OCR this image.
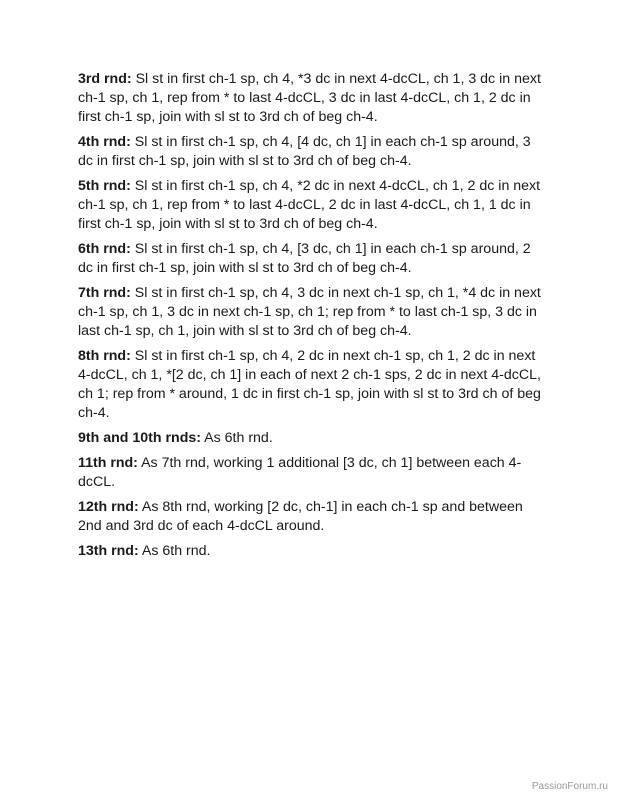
3rd rnd: Sl st in first ch-1 sp, ch 4, *3 dc in next 4-dcCL, ch 1, 3 dc in next ch-1 sp, ch 1, rep from * to last 4-dcCL, 3 dc in last 4-dcCL, ch 1, 2 dc in first ch-1 sp, join with sl st to 3rd ch of beg ch-4.

4th rnd: Sl st in first ch-1 sp, ch 4, [4 dc, ch 1] in each ch-1 sp around, 3 dc in first ch-1 sp, join with sl st to 3rd ch of beg ch-4.

5th rnd: Sl st in first ch-1 sp, ch 4, *2 dc in next 4-dcCL, ch 1, 2 dc in next ch-1 sp, ch 1, rep from * to last 4-dcCL, 2 dc in last 4-dcCL, ch 1, 1 dc in first ch-1 sp, join with sl st to 3rd ch of beg ch-4.

6th rnd: Sl st in first ch-1 sp, ch 4, [3 dc, ch 1] in each ch-1 sp around, 2 dc in first ch-1 sp, join with sl st to 3rd ch of beg ch-4.

7th rnd: Sl st in first ch-1 sp, ch 4, 3 dc in next ch-1 sp, ch 1, *4 dc in next ch-1 sp, ch 1, 3 dc in next ch-1 sp, ch 1; rep from * to last ch-1 sp, 3 dc in last ch-1 sp, ch 1, join with sl st to 3rd ch of beg ch-4.

8th rnd: Sl st in first ch-1 sp, ch 4, 2 dc in next ch-1 sp, ch 1, 2 dc in next 4-dcCL, ch 1, *[2 dc, ch 1] in each of next 2 ch-1 sps, 2 dc in next 4-dcCL, ch 1; rep from * around, 1 dc in first ch-1 sp, join with sl st to 3rd ch of beg ch-4.

9th and 10th rnds: As 6th rnd.

11th rnd: As 7th rnd, working 1 additional [3 dc, ch 1] between each 4-dcCL.

12th rnd: As 8th rnd, working [2 dc, ch-1] in each ch-1 sp and between 2nd and 3rd dc of each 4-dcCL around.

13th rnd: As 6th rnd.

PassionForum.ru
